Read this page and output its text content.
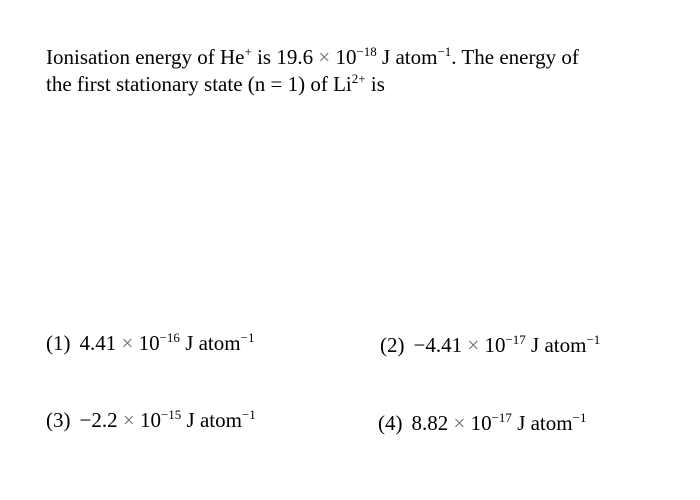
Ionisation energy of He+ is $19.6 \times 10^{-18}$ J atom$^{-1}$. The energy of
the first stationary state (n = 1) of $Li^{2+}$ is
(1) $4.41 \times 10^{-16}$ J atom$^{-1}$	$(2) -4.41 \times 10^{-17}$ J atom$^{-1}$
$(3) -2.2 \times 10^{-15}$ J atom$^{-1}$	(4) $8.82 \times 10^{-17}$ J atom$^{-1}$
